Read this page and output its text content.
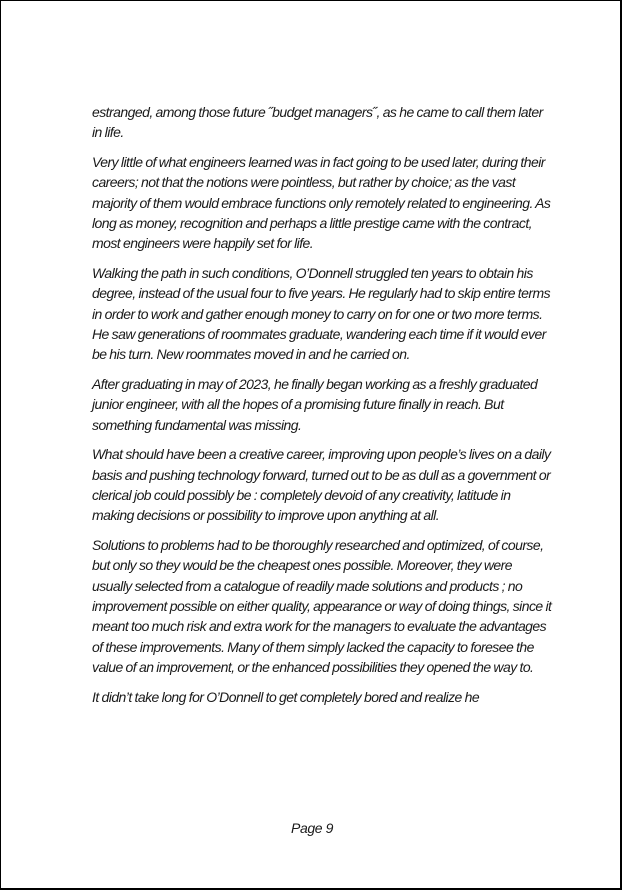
estranged, among those future ˝budget managers˝, as he came to call them later in life.

Very little of what engineers learned was in fact going to be used later, during their careers; not that the notions were pointless, but rather by choice; as the vast majority of them would embrace functions only remotely related to engineering. As long as money, recognition and perhaps a little prestige came with the contract, most engineers were happily set for life.

Walking the path in such conditions, O’Donnell struggled ten years to obtain his degree, instead of the usual four to five years. He regularly had to skip entire terms in order to work and gather enough money to carry on for one or two more terms. He saw generations of roommates graduate, wandering each time if it would ever be his turn. New roommates moved in and he carried on.

After graduating in may of 2023, he finally began working as a freshly graduated junior engineer, with all the hopes of a promising future finally in reach. But something fundamental was missing.

What should have been a creative career, improving upon people’s lives on a daily basis and pushing technology forward, turned out to be as dull as a government or clerical job could possibly be : completely devoid of any creativity, latitude in making decisions or possibility to improve upon anything at all.

Solutions to problems had to be thoroughly researched and optimized, of course, but only so they would be the cheapest ones possible. Moreover, they were usually selected from a catalogue of readily made solutions and products ; no improvement possible on either quality, appearance or way of doing things, since it meant too much risk and extra work for the managers to evaluate the advantages of these improvements. Many of them simply lacked the capacity to foresee the value of an improvement, or the enhanced possibilities they opened the way to.

It didn’t take long for O’Donnell to get completely bored and realize he

Page 9
